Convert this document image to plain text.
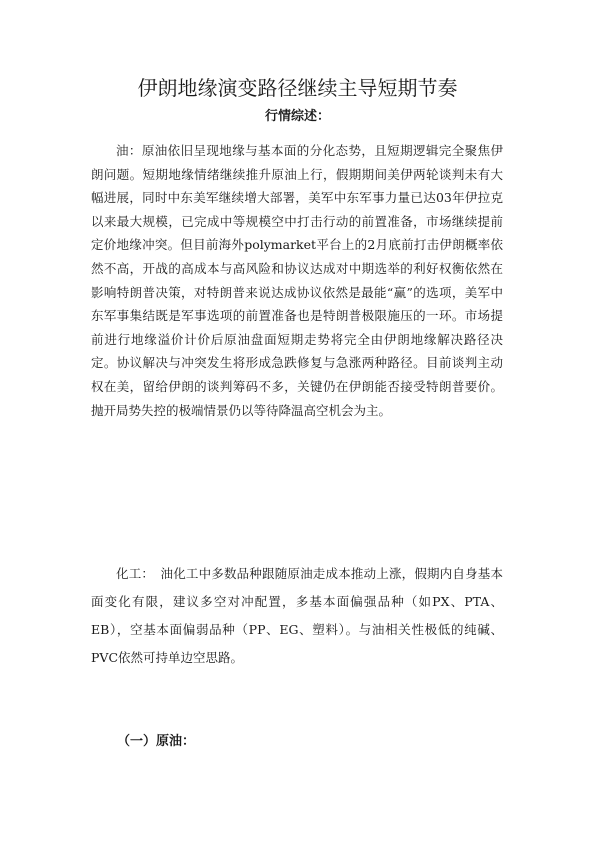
伊朗地缘演变路径继续主导短期节奏
行情综述：

油：原油依旧呈现地缘与基本面的分化态势，且短期逻辑完全聚焦伊朗问题。短期地缘情绪继续推升原油上行，假期期间美伊两轮谈判未有大幅进展，同时中东美军继续增大部署，美军中东军事力量已达03年伊拉克以来最大规模，已完成中等规模空中打击行动的前置准备，市场继续提前定价地缘冲突。但目前海外polymarket平台上的2月底前打击伊朗概率依然不高，开战的高成本与高风险和协议达成对中期选举的利好权衡依然在影响特朗普决策，对特朗普来说达成协议依然是最能“赢”的选项，美军中东军事集结既是军事选项的前置准备也是特朗普极限施压的一环。市场提前进行地缘溢价计价后原油盘面短期走势将完全由伊朗地缘解决路径决定。协议解决与冲突发生将形成急跌修复与急涨两种路径。目前谈判主动权在美，留给伊朗的谈判筹码不多，关键仍在伊朗能否接受特朗普要价。抛开局势失控的极端情景仍以等待降温高空机会为主。

化工：　油化工中多数品种跟随原油走成本推动上涨，假期内自身基本面变化有限，建议多空对冲配置，多基本面偏强品种（如PX、PTA、EB），空基本面偏弱品种（PP、EG、塑料）。与油相关性极低的纯碱、PVC依然可持单边空思路。

（一）原油：
